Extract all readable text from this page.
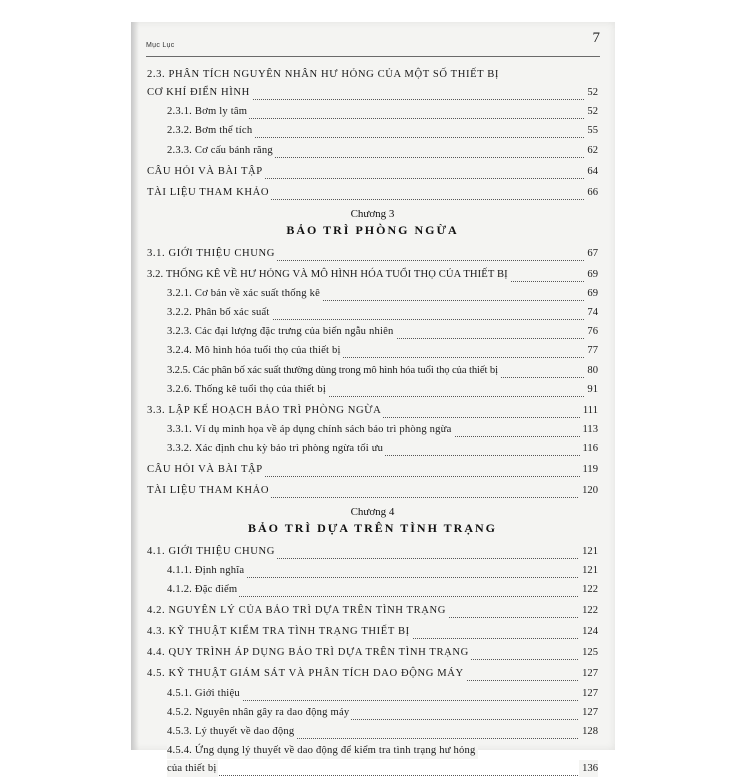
Mục Lục	7
2.3. PHÂN TÍCH NGUYÊN NHÂN HƯ HỎNG CỦA MỘT SỐ THIẾT BỊ
CƠ KHÍ ĐIỂN HÌNH	52
2.3.1. Bơm ly tâm	52
2.3.2. Bơm thể tích	55
2.3.3. Cơ cấu bánh răng	62
CÂU HỎI VÀ BÀI TẬP	64
TÀI LIỆU THAM KHẢO	66
Chương 3
BẢO TRÌ PHÒNG NGỪA
3.1. GIỚI THIỆU CHUNG	67
3.2. THỐNG KÊ VỀ HƯ HỎNG VÀ MÔ HÌNH HÓA TUỔI THỌ CỦA THIẾT BỊ	69
3.2.1. Cơ bản về xác suất thống kê	69
3.2.2. Phân bố xác suất	74
3.2.3. Các đại lượng đặc trưng của biến ngẫu nhiên	76
3.2.4. Mô hình hóa tuổi thọ của thiết bị	77
3.2.5. Các phân bố xác suất thường dùng trong mô hình hóa tuổi thọ của thiết bị	80
3.2.6. Thống kê tuổi thọ của thiết bị	91
3.3. LẬP KẾ HOẠCH BẢO TRÌ PHÒNG NGỪA	111
3.3.1. Ví dụ minh họa về áp dụng chính sách bảo trì phòng ngừa	113
3.3.2. Xác định chu kỳ bảo trì phòng ngừa tối ưu	116
CÂU HỎI VÀ BÀI TẬP	119
TÀI LIỆU THAM KHẢO	120
Chương 4
BẢO TRÌ DỰA TRÊN TÌNH TRẠNG
4.1. GIỚI THIỆU CHUNG	121
4.1.1. Định nghĩa	121
4.1.2. Đặc điểm	122
4.2. NGUYÊN LÝ CỦA BẢO TRÌ DỰA TRÊN TÌNH TRẠNG	122
4.3. KỸ THUẬT KIỂM TRA TÌNH TRẠNG THIẾT BỊ	124
4.4. QUY TRÌNH ÁP DỤNG BẢO TRÌ DỰA TRÊN TÌNH TRẠNG	125
4.5. KỸ THUẬT GIÁM SÁT VÀ PHÂN TÍCH DAO ĐỘNG MÁY	127
4.5.1. Giới thiệu	127
4.5.2. Nguyên nhân gây ra dao động máy	127
4.5.3. Lý thuyết về dao động	128
4.5.4. Ứng dụng lý thuyết về dao động để kiểm tra tình trạng hư hỏng
của thiết bị	136
